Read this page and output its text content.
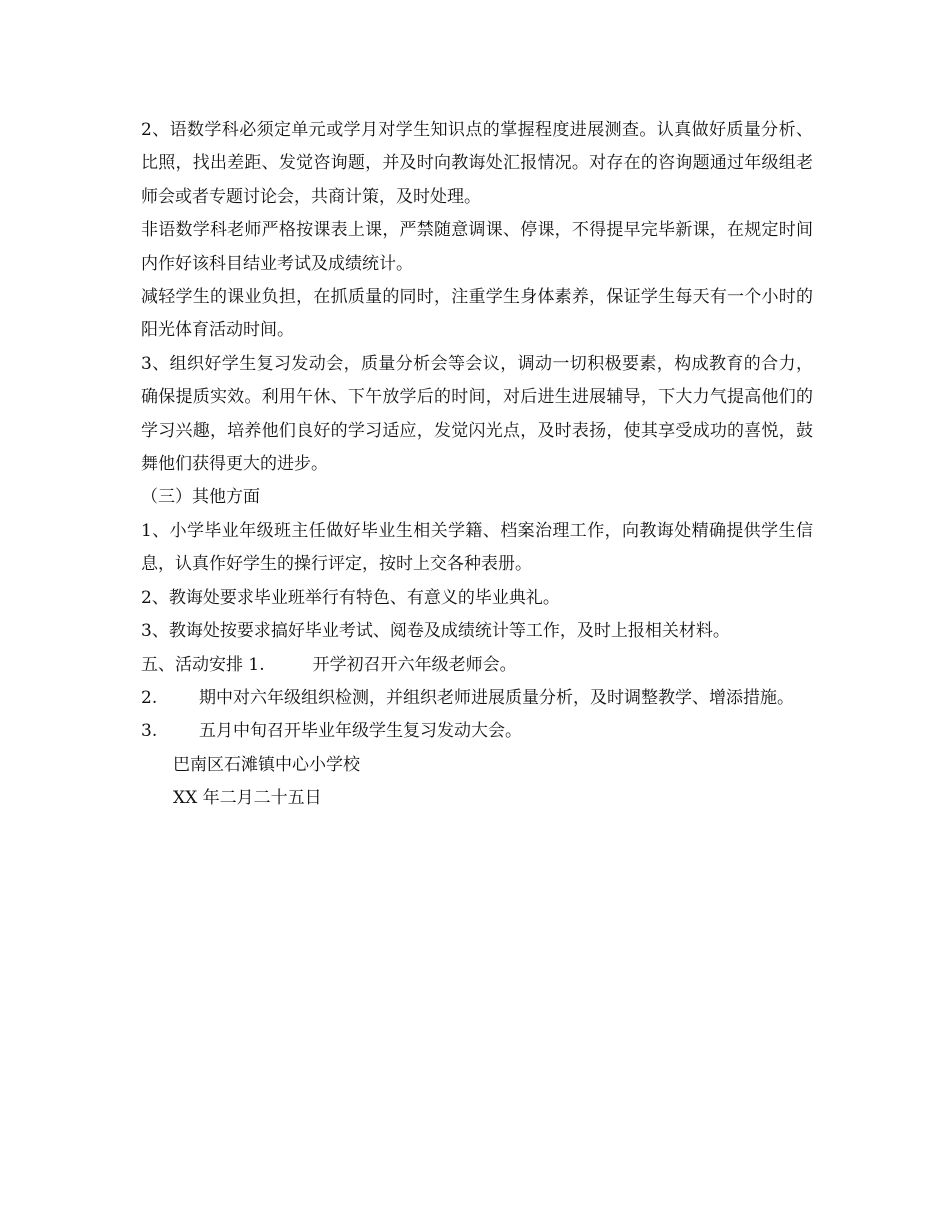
2、语数学科必须定单元或学月对学生知识点的掌握程度进展测查。认真做好质量分析、比照，找出差距、发觉咨询题，并及时向教诲处汇报情况。对存在的咨询题通过年级组老师会或者专题讨论会，共商计策，及时处理。

非语数学科老师严格按课表上课，严禁随意调课、停课，不得提早完毕新课，在规定时间内作好该科目结业考试及成绩统计。

减轻学生的课业负担，在抓质量的同时，注重学生身体素养，保证学生每天有一个小时的阳光体育活动时间。

3、组织好学生复习发动会，质量分析会等会议，调动一切积极要素，构成教育的合力，确保提质实效。利用午休、下午放学后的时间，对后进生进展辅导，下大力气提高他们的学习兴趣，培养他们良好的学习适应，发觉闪光点，及时表扬，使其享受成功的喜悦，鼓舞他们获得更大的进步。

（三）其他方面

1、小学毕业年级班主任做好毕业生相关学籍、档案治理工作，向教诲处精确提供学生信息，认真作好学生的操行评定，按时上交各种表册。

2、教诲处要求毕业班举行有特色、有意义的毕业典礼。

3、教诲处按要求搞好毕业考试、阅卷及成绩统计等工作，及时上报相关材料。

五、活动安排 1.	开学初召开六年级老师会。

2. 期中对六年级组织检测，并组织老师进展质量分析，及时调整教学、增添措施。

3. 五月中旬召开毕业年级学生复习发动大会。

巴南区石滩镇中心小学校

XX 年二月二十五日
